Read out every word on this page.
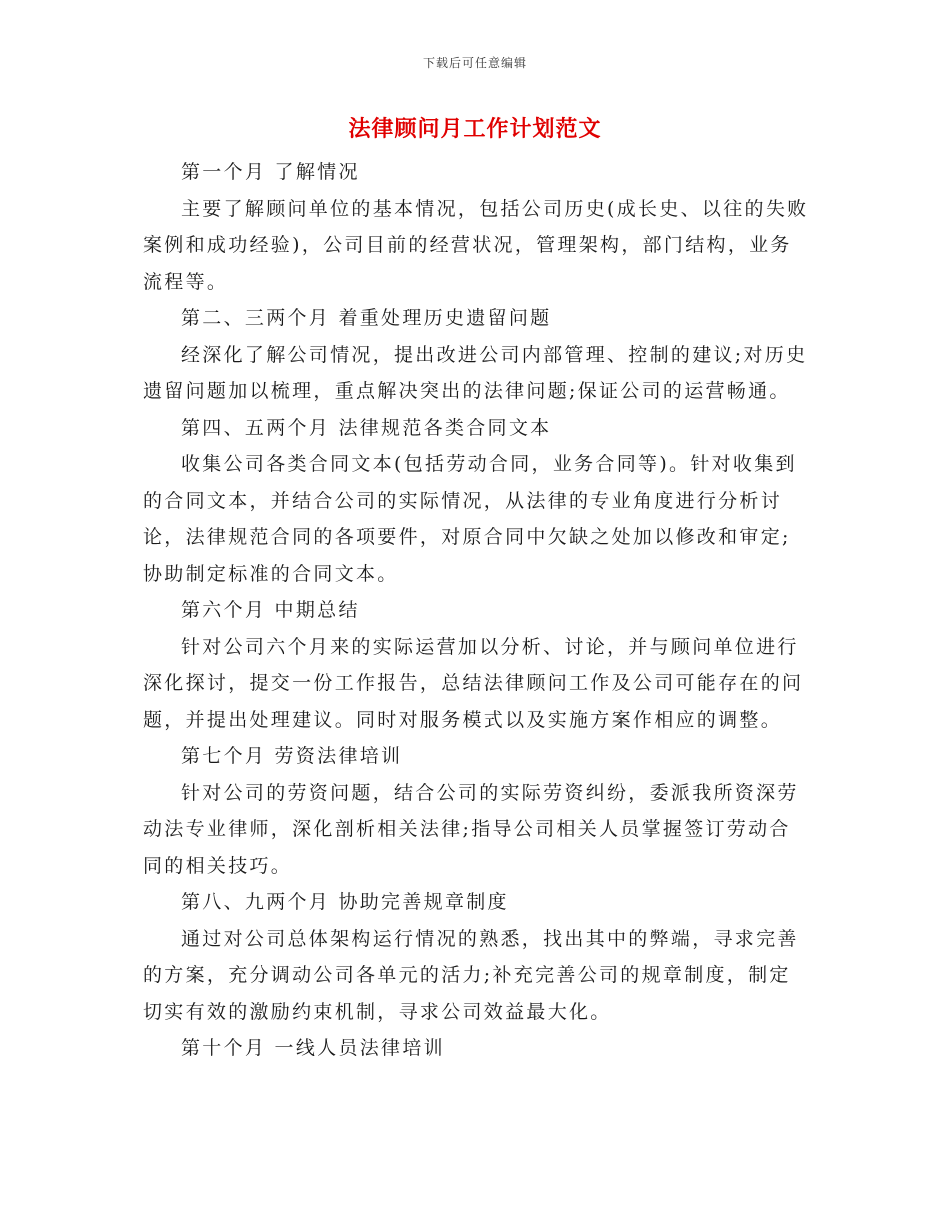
下载后可任意编辑
法律顾问月工作计划范文

第一个月 了解情况

主要了解顾问单位的基本情况，包括公司历史(成长史、以往的失败案例和成功经验)，公司目前的经营状况，管理架构，部门结构，业务流程等。

第二、三两个月 着重处理历史遗留问题

经深化了解公司情况，提出改进公司内部管理、控制的建议;对历史遗留问题加以梳理，重点解决突出的法律问题;保证公司的运营畅通。

第四、五两个月 法律规范各类合同文本

收集公司各类合同文本(包括劳动合同，业务合同等)。针对收集到的合同文本，并结合公司的实际情况，从法律的专业角度进行分析讨论，法律规范合同的各项要件，对原合同中欠缺之处加以修改和审定;协助制定标准的合同文本。

第六个月 中期总结

针对公司六个月来的实际运营加以分析、讨论，并与顾问单位进行深化探讨，提交一份工作报告，总结法律顾问工作及公司可能存在的问题，并提出处理建议。同时对服务模式以及实施方案作相应的调整。

第七个月 劳资法律培训

针对公司的劳资问题，结合公司的实际劳资纠纷，委派我所资深劳动法专业律师，深化剖析相关法律;指导公司相关人员掌握签订劳动合同的相关技巧。

第八、九两个月 协助完善规章制度

通过对公司总体架构运行情况的熟悉，找出其中的弊端，寻求完善的方案，充分调动公司各单元的活力;补充完善公司的规章制度，制定切实有效的激励约束机制，寻求公司效益最大化。

第十个月 一线人员法律培训
